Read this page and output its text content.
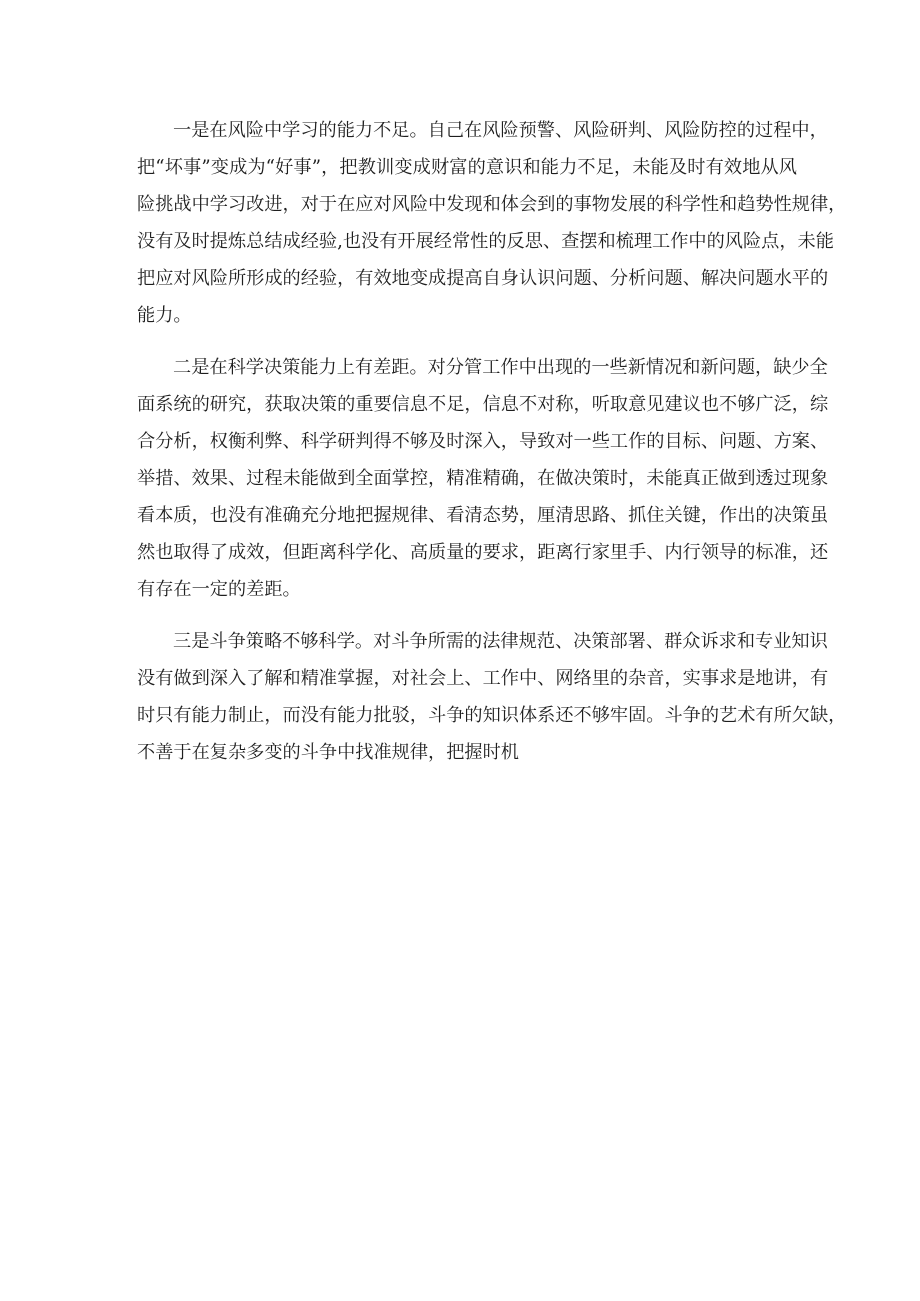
一是在风险中学习的能力不足。自己在风险预警、风险研判、风险防控的过程中，
把“坏事”变成为“好事”，把教训变成财富的意识和能力不足，未能及时有效地从风
险挑战中学习改进，对于在应对风险中发现和体会到的事物发展的科学性和趋势性规律，
没有及时提炼总结成经验,也没有开展经常性的反思、查摆和梳理工作中的风险点，未能
把应对风险所形成的经验，有效地变成提高自身认识问题、分析问题、解决问题水平的
能力。

二是在科学决策能力上有差距。对分管工作中出现的一些新情况和新问题，缺少全
面系统的研究，获取决策的重要信息不足，信息不对称，听取意见建议也不够广泛，综
合分析，权衡利弊、科学研判得不够及时深入，导致对一些工作的目标、问题、方案、
举措、效果、过程未能做到全面掌控，精准精确，在做决策时，未能真正做到透过现象
看本质，也没有准确充分地把握规律、看清态势，厘清思路、抓住关键，作出的决策虽
然也取得了成效，但距离科学化、高质量的要求，距离行家里手、内行领导的标准，还
有存在一定的差距。

三是斗争策略不够科学。对斗争所需的法律规范、决策部署、群众诉求和专业知识
没有做到深入了解和精准掌握，对社会上、工作中、网络里的杂音，实事求是地讲，有
时只有能力制止，而没有能力批驳，斗争的知识体系还不够牢固。斗争的艺术有所欠缺，
不善于在复杂多变的斗争中找准规律，把握时机
